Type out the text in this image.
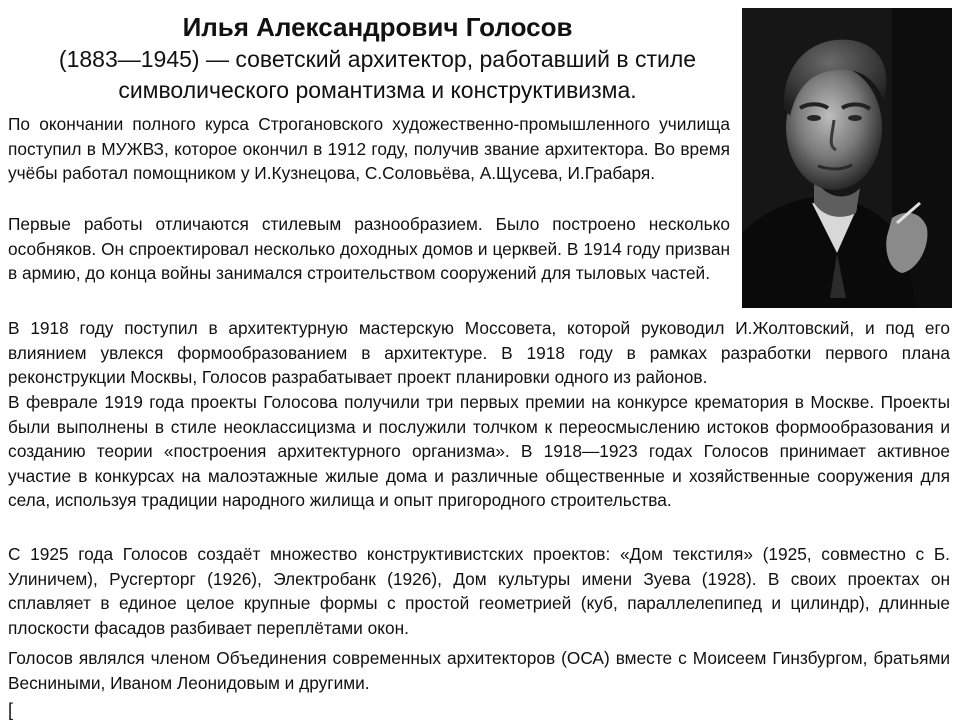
Илья Александрович Голосов

(1883—1945) — советский архитектор, работавший в стиле

символического романтизма и конструктивизма.

По окончании полного курса Строгановского художественно-промышленного училища поступил в МУЖВЗ, которое окончил в 1912 году, получив звание архитектора. Во время учёбы работал помощником у И.Кузнецова, С.Соловьёва, А.Щусева, И.Грабаря.

Первые работы отличаются стилевым разнообразием. Было построено несколько особняков. Он спроектировал несколько доходных домов и церквей. В 1914 году призван в армию, до конца войны занимался строительством сооружений для тыловых частей.

В 1918 году поступил в архитектурную мастерскую Моссовета, которой руководил И.Жолтовский, и под его влиянием увлекся формообразованием в архитектуре. В 1918 году в рамках разработки первого плана реконструкции Москвы, Голосов разрабатывает проект планировки одного из районов.

В феврале 1919 года проекты Голосова получили три первых премии на конкурсе крематория в Москве. Проекты были выполнены в стиле неоклассицизма и послужили толчком к переосмыслению истоков формообразования и созданию теории «построения архитектурного организма». В 1918—1923 годах Голосов принимает активное участие в конкурсах на малоэтажные жилые дома и различные общественные и хозяйственные сооружения для села, используя традиции народного жилища и опыт пригородного строительства.

С 1925 года Голосов создаёт множество конструктивистских проектов: «Дом текстиля» (1925, совместно с Б. Улиничем), Русгерторг (1926), Электробанк (1926), Дом культуры имени Зуева (1928). В своих проектах он сплавляет в единое целое крупные формы с простой геометрией (куб, параллелепипед и цилиндр), длинные плоскости фасадов разбивает переплётами окон.

Голосов являлся членом Объединения современных архитекторов (ОСА) вместе с Моисеем Гинзбургом, братьями Весниными, Иваном Леонидовым и другими.

[
